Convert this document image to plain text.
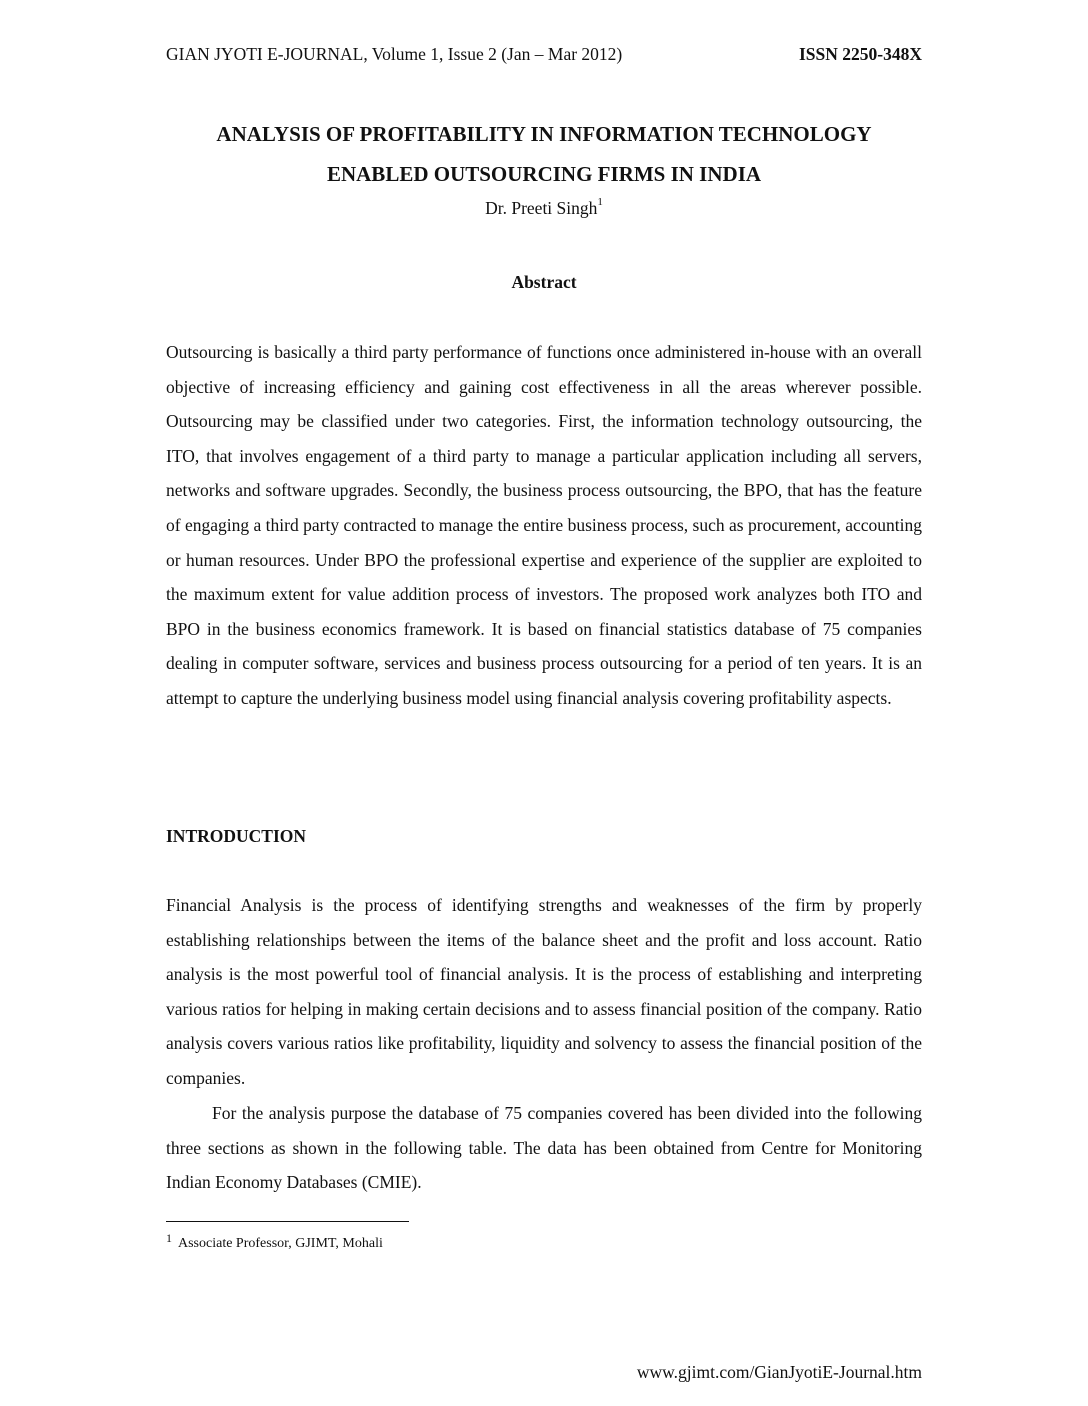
GIAN JYOTI E-JOURNAL, Volume 1, Issue 2 (Jan – Mar 2012)	ISSN 2250-348X
ANALYSIS OF PROFITABILITY IN INFORMATION TECHNOLOGY
ENABLED OUTSOURCING FIRMS IN INDIA
Dr. Preeti Singh$^1$
Abstract

Outsourcing is basically a third party performance of functions once administered in-house with an overall objective of increasing efficiency and gaining cost effectiveness in all the areas wherever possible. Outsourcing may be classified under two categories. First, the information technology outsourcing, the ITO, that involves engagement of a third party to manage a particular application including all servers, networks and software upgrades. Secondly, the business process outsourcing, the BPO, that has the feature of engaging a third party contracted to manage the entire business process, such as procurement, accounting or human resources. Under BPO the professional expertise and experience of the supplier are exploited to the maximum extent for value addition process of investors. The proposed work analyzes both ITO and BPO in the business economics framework. It is based on financial statistics database of 75 companies dealing in computer software, services and business process outsourcing for a period of ten years. It is an attempt to capture the underlying business model using financial analysis covering profitability aspects.

INTRODUCTION

Financial Analysis is the process of identifying strengths and weaknesses of the firm by properly establishing relationships between the items of the balance sheet and the profit and loss account. Ratio analysis is the most powerful tool of financial analysis. It is the process of establishing and interpreting various ratios for helping in making certain decisions and to assess financial position of the company. Ratio analysis covers various ratios like profitability, liquidity and solvency to assess the financial position of the companies.

For the analysis purpose the database of 75 companies covered has been divided into the following three sections as shown in the following table. The data has been obtained from Centre for Monitoring Indian Economy Databases (CMIE).

1 Associate Professor, GJIMT, Mohali
www.gjimt.com/GianJyotiE-Journal.htm
